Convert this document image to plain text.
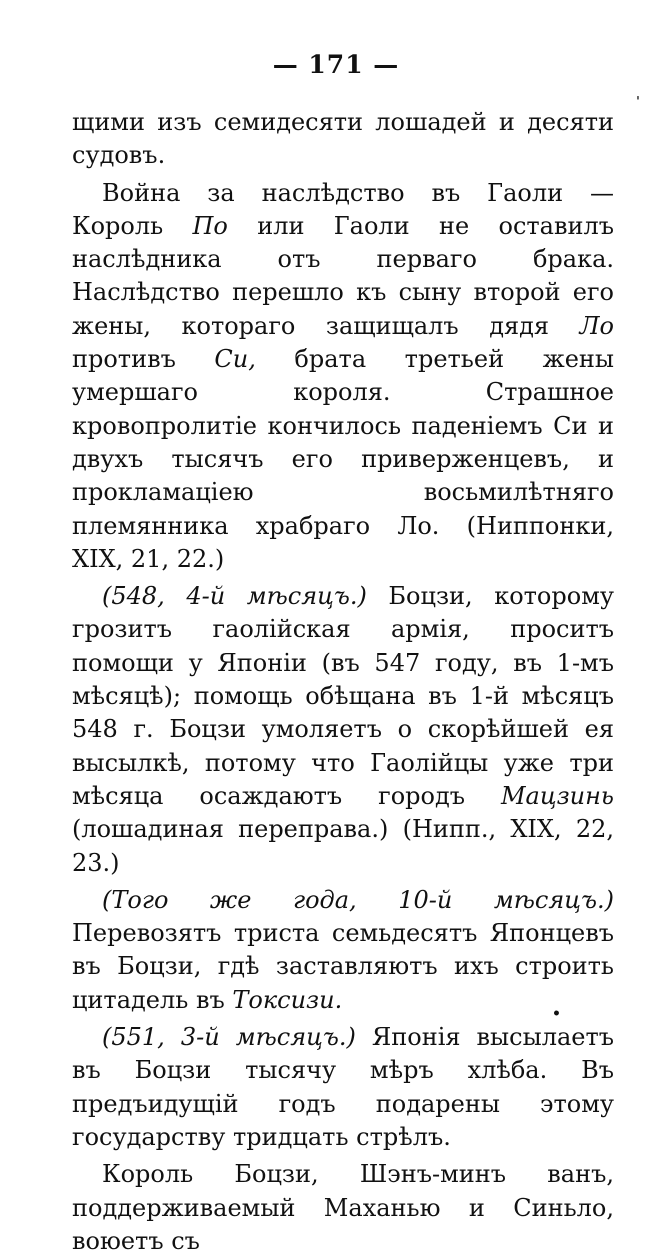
— 171 —
ˌ

щими изъ семидесяти лошадей и десяти судовъ.

Война за наслѣдство въ Гаоли — Король По или Гаоли не оставилъ наслѣдника отъ перваго брака. Наслѣдство перешло къ сыну второй его жены, котораго защищалъ дядя Ло противъ Си, брата третьей жены умершаго короля. Страшное кровопролитіе кончилось паденіемъ Си и двухъ тысячъ его приверженцевъ, и прокламаціею восьмилѣтняго племянника храбраго Ло. (Ниппонки, XIX, 21, 22.)

(548, 4-й мѣсяцъ.) Боцзи, которому грозитъ гаолійская армія, проситъ помощи у Японіи (въ 547 году, въ 1-мъ мѣсяцѣ); помощь обѣщана въ 1-й мѣсяцъ 548 г. Боцзи умоляетъ о скорѣйшей ея высылкѣ, потому что Гаолійцы уже три мѣсяца осаждаютъ городъ Мацзинь (лошадиная переправа.) (Нипп., XIX, 22, 23.)

(Того же года, 10-й мѣсяцъ.) Перевозятъ триста семьдесятъ Японцевъ въ Боцзи, гдѣ заставляютъ ихъ строить цитадель въ Токсизи.

(551, 3-й мѣсяцъ.) Японія высылаетъ въ Боцзи тысячу мѣръ хлѣба. Въ предъидущій годъ подарены этому государству тридцать стрѣлъ.

Король Боцзи, Шэнъ-минъ ванъ, поддерживаемый Маханью и Синьло, воюетъ съ

•
